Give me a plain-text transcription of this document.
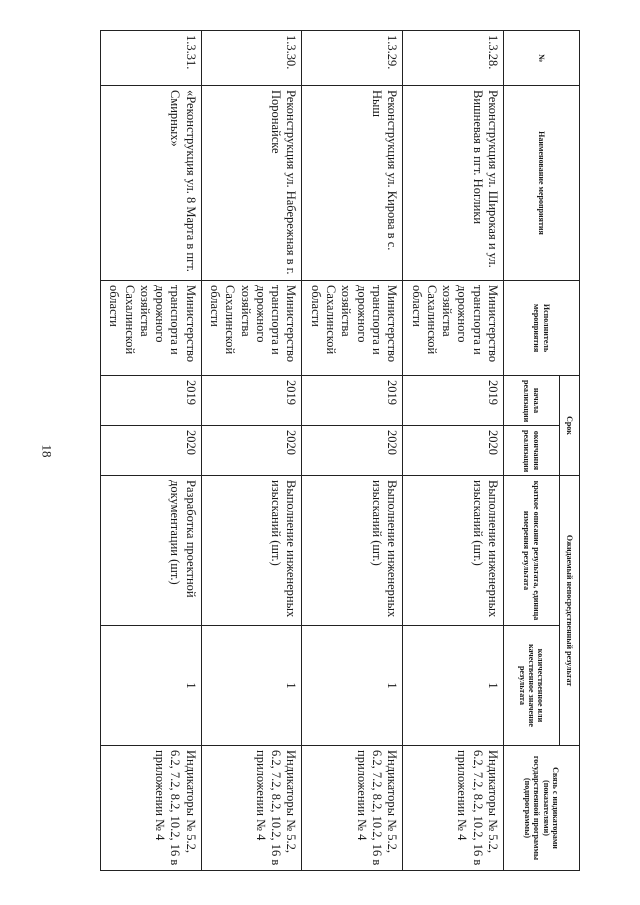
18
№	Наименование мероприятия	Исполнитель мероприятия	Срок		Ожидаемый непосредственный результат		Связь с индикаторами (показателями) государственной программы (подпрограммы)
			начала реализации	окончания реализации	краткое описание результата, единица измерения результата	количественное или качественное значение результата	
1.3.28.	Реконструкция ул. Широкая и ул. Вишневая в пгт. Ноглики	Министерство транспорта и дорожного хозяйства Сахалинской области	2019	2020	Выполнение инженерных изысканий (шт.)	1	Индикаторы № 5.2, 6.2, 7.2, 8.2, 10.2, 16 в приложении № 4
1.3.29.	Реконструкция ул. Кирова в с. Ныш	Министерство транспорта и дорожного хозяйства Сахалинской области	2019	2020	Выполнение инженерных изысканий (шт.)	1	Индикаторы № 5.2, 6.2, 7.2, 8.2, 10.2, 16 в приложении № 4
1.3.30.	Реконструкция ул. Набережная в г. Поронайске	Министерство транспорта и дорожного хозяйства Сахалинской области	2019	2020	Выполнение инженерных изысканий (шт.)	1	Индикаторы № 5.2, 6.2, 7.2, 8.2, 10.2, 16 в приложении № 4
1.3.31.	«Реконструкция ул. 8 Марта в пгт. Смирных»	Министерство транспорта и дорожного хозяйства Сахалинской области	2019	2020	Разработка проектной документации (шт.)	1	Индикаторы № 5.2, 6.2, 7.2, 8.2, 10.2, 16 в приложении № 4
